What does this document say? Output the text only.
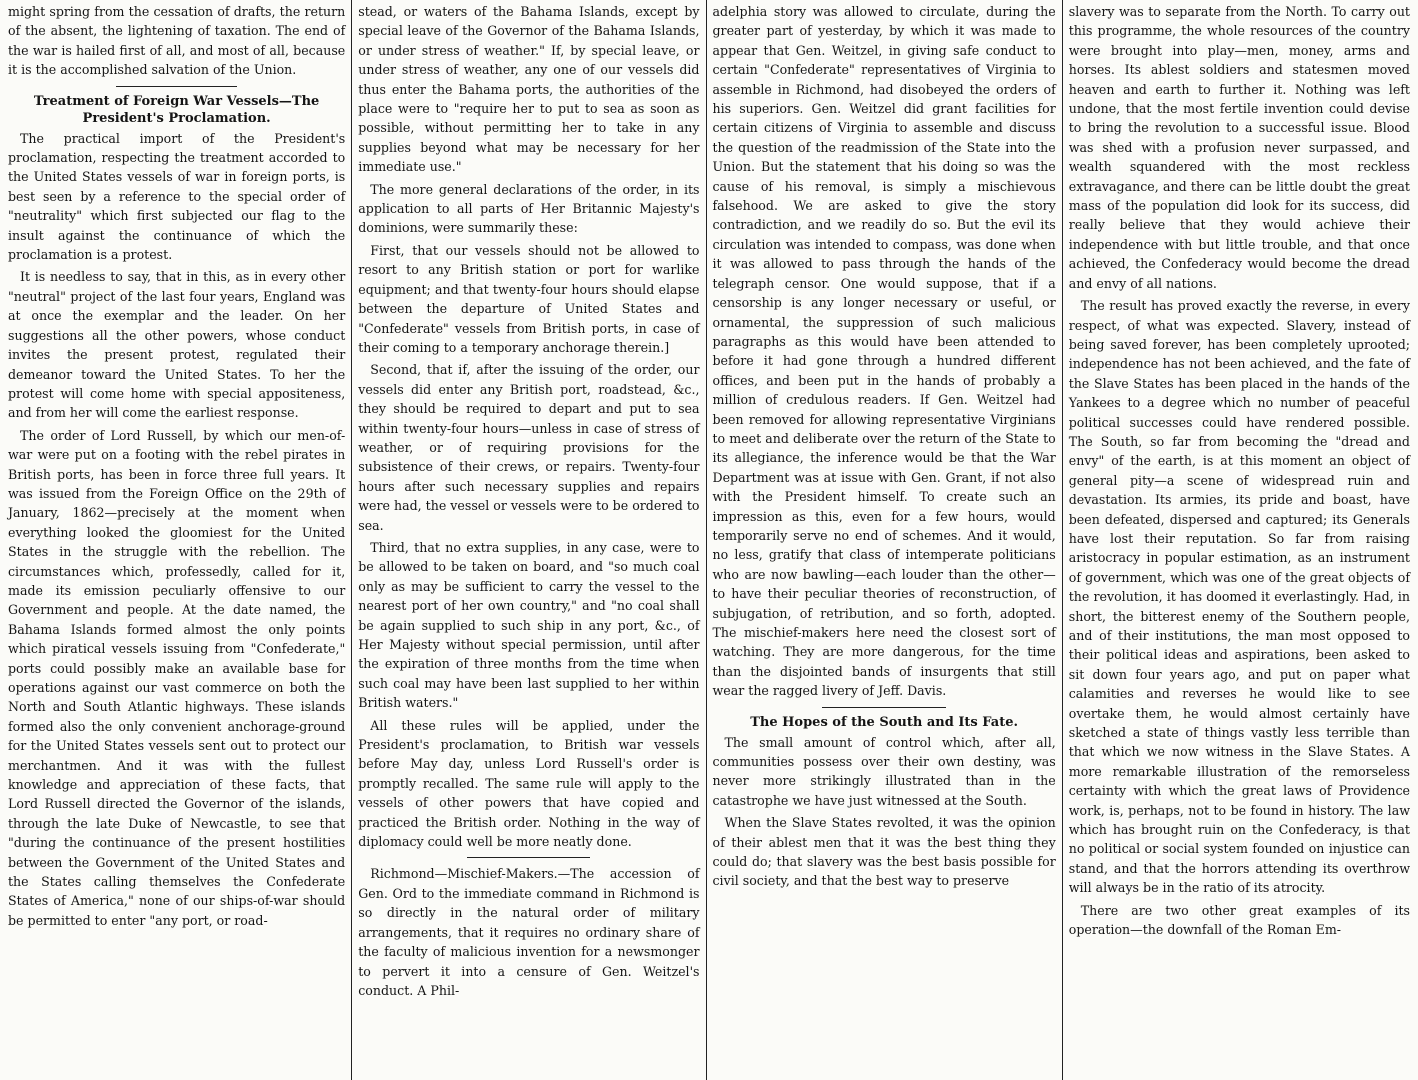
might spring from the cessation of drafts, the return of the absent, the lightening of taxation. The end of the war is hailed first of all, and most of all, because it is the accomplished salvation of the Union.

Treatment of Foreign War Vessels—The President's Proclamation.

The practical import of the President's proclamation, respecting the treatment accorded to the United States vessels of war in foreign ports, is best seen by a reference to the special order of "neutrality" which first subjected our flag to the insult against the continuance of which the proclamation is a protest.

It is needless to say, that in this, as in every other "neutral" project of the last four years, England was at once the exemplar and the leader. On her suggestions all the other powers, whose conduct invites the present protest, regulated their demeanor toward the United States. To her the protest will come home with special appositeness, and from her will come the earliest response.

The order of Lord Russell, by which our men-of-war were put on a footing with the rebel pirates in British ports, has been in force three full years. It was issued from the Foreign Office on the 29th of January, 1862—precisely at the moment when everything looked the gloomiest for the United States in the struggle with the rebellion. The circumstances which, professedly, called for it, made its emission peculiarly offensive to our Government and people. At the date named, the Bahama Islands formed almost the only points which piratical vessels issuing from "Confederate," ports could possibly make an available base for operations against our vast commerce on both the North and South Atlantic highways. These islands formed also the only convenient anchorage-ground for the United States vessels sent out to protect our merchantmen. And it was with the fullest knowledge and appreciation of these facts, that Lord Russell directed the Governor of the islands, through the late Duke of Newcastle, to see that "during the continuance of the present hostilities between the Government of the United States and the States calling themselves the Confederate States of America," none of our ships-of-war should be permitted to enter "any port, or road-

stead, or waters of the Bahama Islands, except by special leave of the Governor of the Bahama Islands, or under stress of weather." If, by special leave, or under stress of weather, any one of our vessels did thus enter the Bahama ports, the authorities of the place were to "require her to put to sea as soon as possible, without permitting her to take in any supplies beyond what may be necessary for her immediate use."

The more general declarations of the order, in its application to all parts of Her Britannic Majesty's dominions, were summarily these:

First, that our vessels should not be allowed to resort to any British station or port for warlike equipment; and that twenty-four hours should elapse between the departure of United States and "Confederate" vessels from British ports, in case of their coming to a temporary anchorage therein.]

Second, that if, after the issuing of the order, our vessels did enter any British port, roadstead, &c., they should be required to depart and put to sea within twenty-four hours—unless in case of stress of weather, or of requiring provisions for the subsistence of their crews, or repairs. Twenty-four hours after such necessary supplies and repairs were had, the vessel or vessels were to be ordered to sea.

Third, that no extra supplies, in any case, were to be allowed to be taken on board, and "so much coal only as may be sufficient to carry the vessel to the nearest port of her own country," and "no coal shall be again supplied to such ship in any port, &c., of Her Majesty without special permission, until after the expiration of three months from the time when such coal may have been last supplied to her within British waters."

All these rules will be applied, under the President's proclamation, to British war vessels before May day, unless Lord Russell's order is promptly recalled. The same rule will apply to the vessels of other powers that have copied and practiced the British order. Nothing in the way of diplomacy could well be more neatly done.

Richmond—Mischief-Makers.—The accession of Gen. Ord to the immediate command in Richmond is so directly in the natural order of military arrangements, that it requires no ordinary share of the faculty of malicious invention for a newsmonger to pervert it into a censure of Gen. Weitzel's conduct. A Phil-

adelphia story was allowed to circulate, during the greater part of yesterday, by which it was made to appear that Gen. Weitzel, in giving safe conduct to certain "Confederate" representatives of Virginia to assemble in Richmond, had disobeyed the orders of his superiors. Gen. Weitzel did grant facilities for certain citizens of Virginia to assemble and discuss the question of the readmission of the State into the Union. But the statement that his doing so was the cause of his removal, is simply a mischievous falsehood. We are asked to give the story contradiction, and we readily do so. But the evil its circulation was intended to compass, was done when it was allowed to pass through the hands of the telegraph censor. One would suppose, that if a censorship is any longer necessary or useful, or ornamental, the suppression of such malicious paragraphs as this would have been attended to before it had gone through a hundred different offices, and been put in the hands of probably a million of credulous readers. If Gen. Weitzel had been removed for allowing representative Virginians to meet and deliberate over the return of the State to its allegiance, the inference would be that the War Department was at issue with Gen. Grant, if not also with the President himself. To create such an impression as this, even for a few hours, would temporarily serve no end of schemes. And it would, no less, gratify that class of intemperate politicians who are now bawling—each louder than the other—to have their peculiar theories of reconstruction, of subjugation, of retribution, and so forth, adopted. The mischief-makers here need the closest sort of watching. They are more dangerous, for the time than the disjointed bands of insurgents that still wear the ragged livery of Jeff. Davis.

The Hopes of the South and Its Fate.

The small amount of control which, after all, communities possess over their own destiny, was never more strikingly illustrated than in the catastrophe we have just witnessed at the South.

When the Slave States revolted, it was the opinion of their ablest men that it was the best thing they could do; that slavery was the best basis possible for civil society, and that the best way to preserve

slavery was to separate from the North. To carry out this programme, the whole resources of the country were brought into play—men, money, arms and horses. Its ablest soldiers and statesmen moved heaven and earth to further it. Nothing was left undone, that the most fertile invention could devise to bring the revolution to a successful issue. Blood was shed with a profusion never surpassed, and wealth squandered with the most reckless extravagance, and there can be little doubt the great mass of the population did look for its success, did really believe that they would achieve their independence with but little trouble, and that once achieved, the Confederacy would become the dread and envy of all nations.

The result has proved exactly the reverse, in every respect, of what was expected. Slavery, instead of being saved forever, has been completely uprooted; independence has not been achieved, and the fate of the Slave States has been placed in the hands of the Yankees to a degree which no number of peaceful political successes could have rendered possible. The South, so far from becoming the "dread and envy" of the earth, is at this moment an object of general pity—a scene of widespread ruin and devastation. Its armies, its pride and boast, have been defeated, dispersed and captured; its Generals have lost their reputation. So far from raising aristocracy in popular estimation, as an instrument of government, which was one of the great objects of the revolution, it has doomed it everlastingly. Had, in short, the bitterest enemy of the Southern people, and of their institutions, the man most opposed to their political ideas and aspirations, been asked to sit down four years ago, and put on paper what calamities and reverses he would like to see overtake them, he would almost certainly have sketched a state of things vastly less terrible than that which we now witness in the Slave States. A more remarkable illustration of the remorseless certainty with which the great laws of Providence work, is, perhaps, not to be found in history. The law which has brought ruin on the Confederacy, is that no political or social system founded on injustice can stand, and that the horrors attending its overthrow will always be in the ratio of its atrocity.

There are two other great examples of its operation—the downfall of the Roman Em-
